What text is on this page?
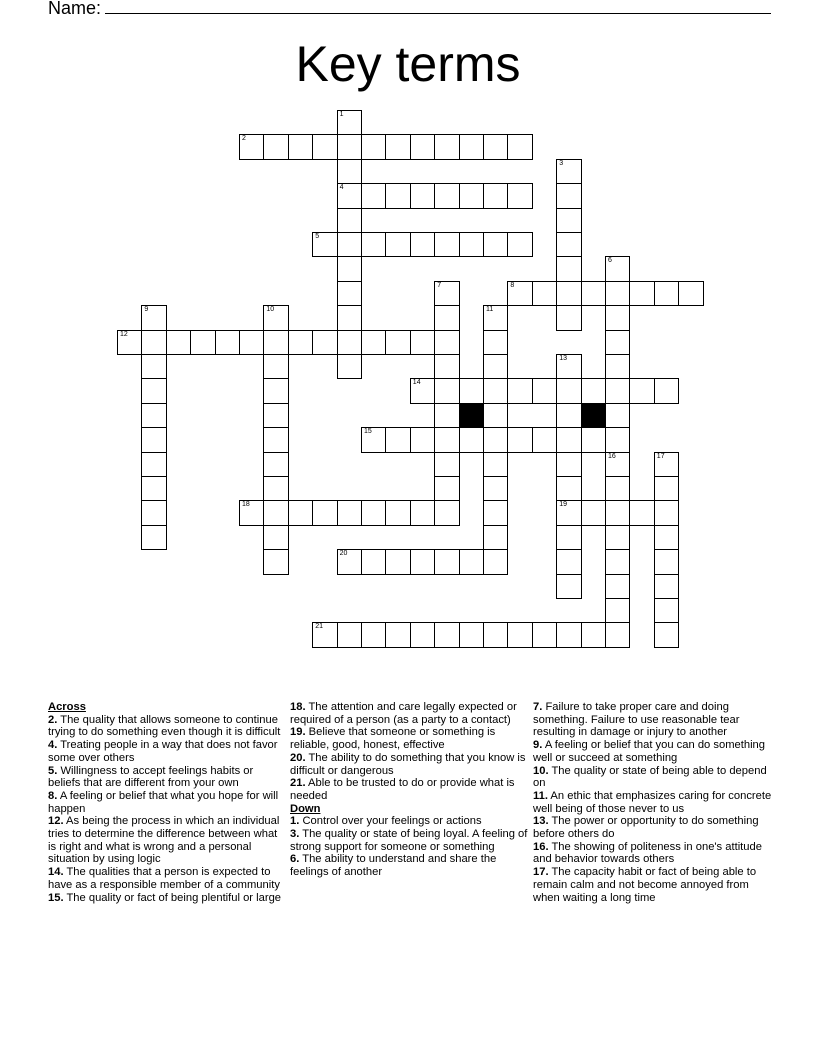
Name:
Key terms
2
4
5
8
12
14
15
18	19
20
21
1
3
6
16
7
9	10	11
13
17
Across
2. The quality that allows someone to continue trying to do something even though it is difficult
4. Treating people in a way that does not favor some over others
5. Willingness to accept feelings habits or beliefs that are different from your own
8. A feeling or belief that what you hope for will happen
12. As being the process in which an individual tries to determine the difference between what is right and what is wrong and a personal situation by using logic
14. The qualities that a person is expected to have as a responsible member of a community
15. The quality or fact of being plentiful or large
18. The attention and care legally expected or required of a person (as a party to a contact)
19. Believe that someone or something is reliable, good, honest, effective
20. The ability to do something that you know is difficult or dangerous
21. Able to be trusted to do or provide what is needed
Down
1. Control over your feelings or actions
3. The quality or state of being loyal. A feeling of strong support for someone or something
6. The ability to understand and share the feelings of another
7. Failure to take proper care and doing something. Failure to use reasonable tear resulting in damage or injury to another
9. A feeling or belief that you can do something well or succeed at something
10. The quality or state of being able to depend on
11. An ethic that emphasizes caring for concrete well being of those never to us
13. The power or opportunity to do something before others do
16. The showing of politeness in one's attitude and behavior towards others
17. The capacity habit or fact of being able to remain calm and not become annoyed from when waiting a long time
